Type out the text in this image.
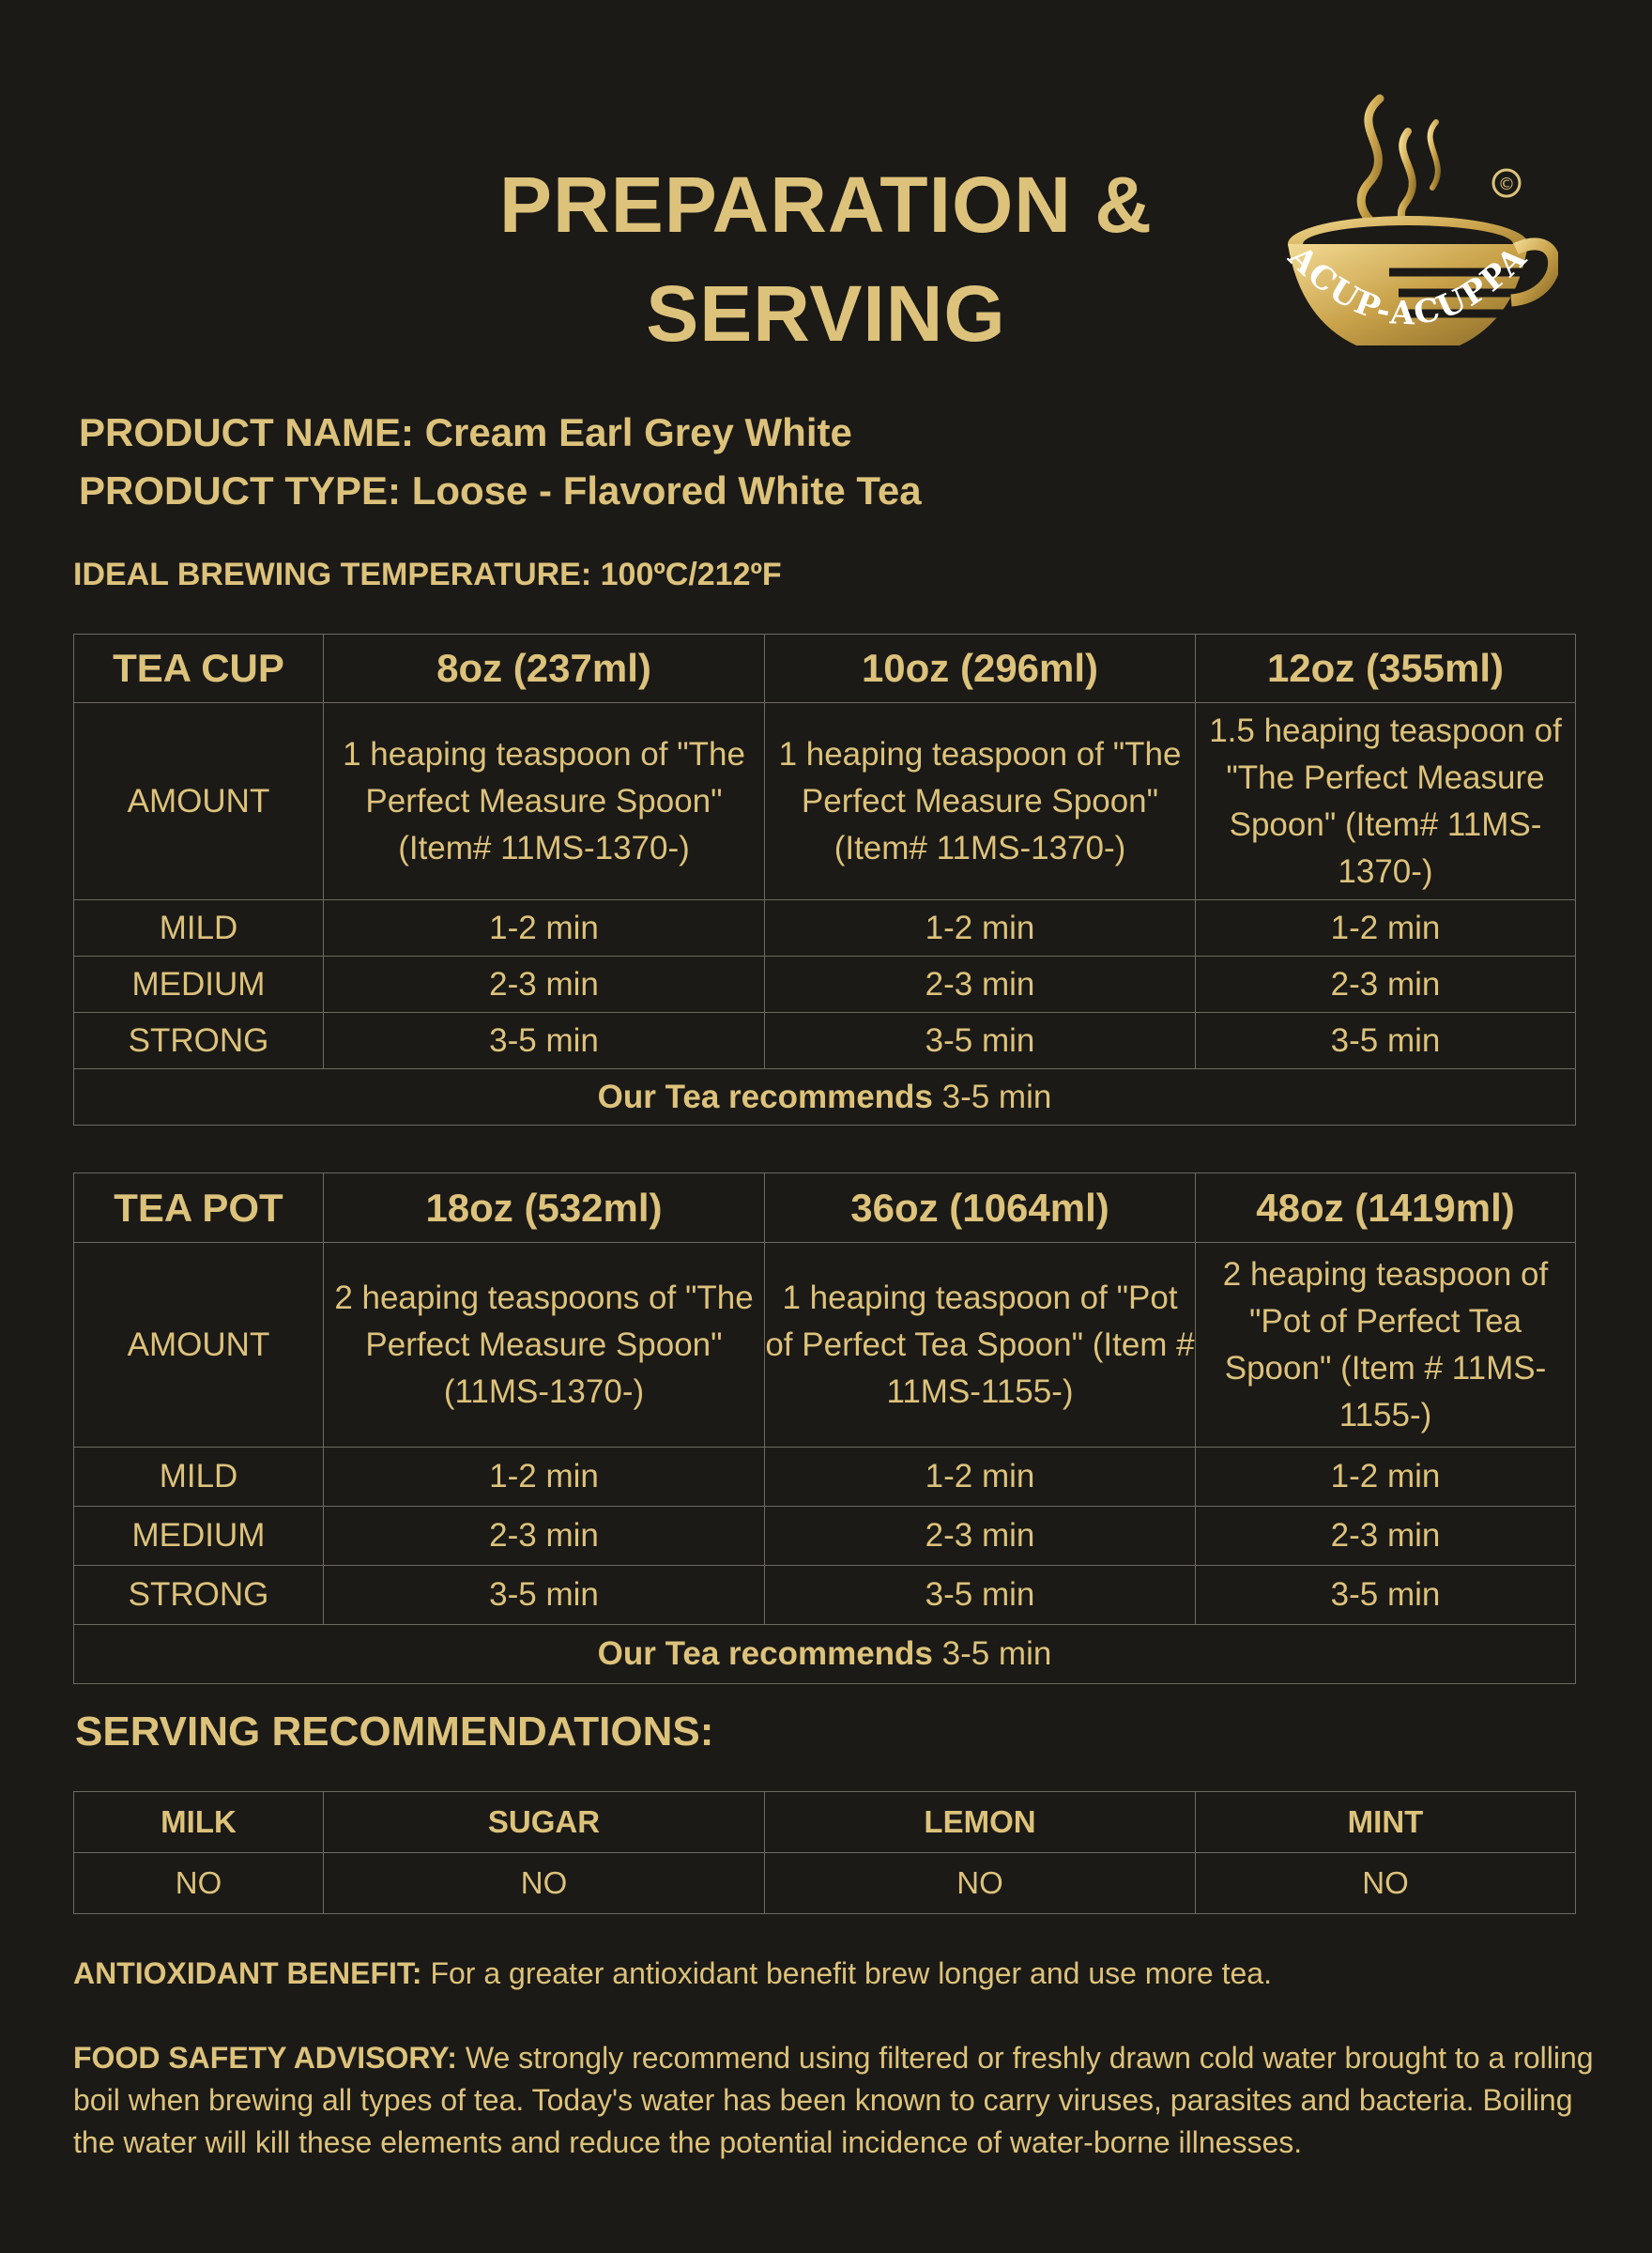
PREPARATION &
SERVING
©
ACUP-ACUPPA
PRODUCT NAME: Cream Earl Grey White
PRODUCT TYPE: Loose - Flavored White Tea
IDEAL BREWING TEMPERATURE: 100ºC/212ºF
TEA CUP	8oz (237ml)	10oz (296ml)	12oz (355ml)
AMOUNT	1 heaping teaspoon of "The Perfect Measure Spoon" (Item# 11MS-1370-)	1 heaping teaspoon of "The Perfect Measure Spoon" (Item# 11MS-1370-)	1.5 heaping teaspoon of "The Perfect Measure Spoon" (Item# 11MS-1370-)
MILD	1-2 min	1-2 min	1-2 min
MEDIUM	2-3 min	2-3 min	2-3 min
STRONG	3-5 min	3-5 min	3-5 min
Our Tea recommends 3-5 min			
TEA POT	18oz (532ml)	36oz (1064ml)	48oz (1419ml)
AMOUNT	2 heaping teaspoons of "The Perfect Measure Spoon" (11MS-1370-)	1 heaping teaspoon of "Pot of Perfect Tea Spoon" (Item # 11MS-1155-)	2 heaping teaspoon of "Pot of Perfect Tea Spoon" (Item # 11MS-1155-)
MILD	1-2 min	1-2 min	1-2 min
MEDIUM	2-3 min	2-3 min	2-3 min
STRONG	3-5 min	3-5 min	3-5 min
Our Tea recommends 3-5 min			
SERVING RECOMMENDATIONS:
MILK	SUGAR	LEMON	MINT
NO	NO	NO	NO
ANTIOXIDANT BENEFIT: For a greater antioxidant benefit brew longer and use more tea.
FOOD SAFETY ADVISORY: We strongly recommend using filtered or freshly drawn cold water brought to a rolling boil when brewing all types of tea. Today's water has been known to carry viruses, parasites and bacteria. Boiling the water will kill these elements and reduce the potential incidence of water-borne illnesses.
